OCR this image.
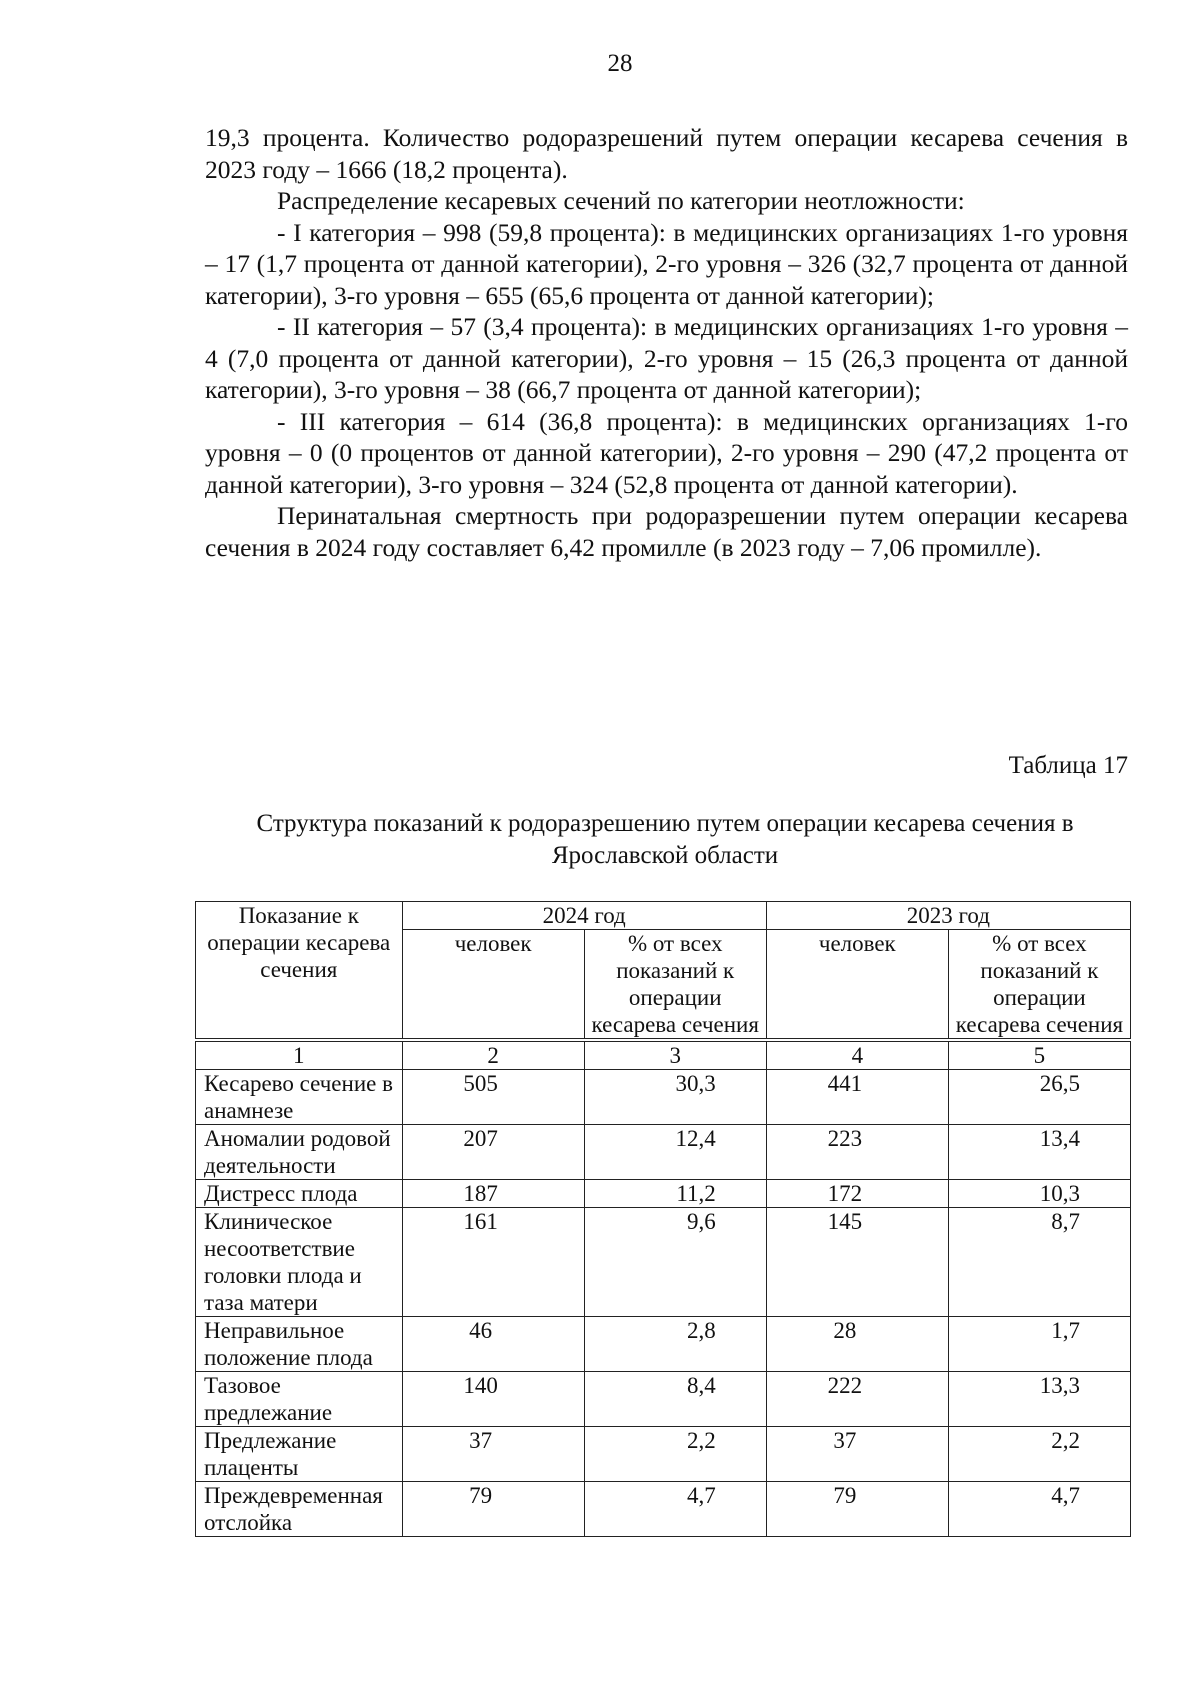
28

19,3 процента. Количество родоразрешений путем операции кесарева сечения в 2023 году – 1666 (18,2 процента).

Распределение кесаревых сечений по категории неотложности:

- I категория – 998 (59,8 процента): в медицинских организациях 1-го уровня – 17 (1,7 процента от данной категории), 2-го уровня – 326 (32,7 процента от данной категории), 3-го уровня – 655 (65,6 процента от данной категории);

- II категория – 57 (3,4 процента): в медицинских организациях 1-го уровня – 4 (7,0 процента от данной категории), 2-го уровня – 15 (26,3 процента от данной категории), 3-го уровня – 38 (66,7 процента от данной категории);

- III категория – 614 (36,8 процента): в медицинских организациях 1-го уровня – 0 (0 процентов от данной категории), 2-го уровня – 290 (47,2 процента от данной категории), 3-го уровня – 324 (52,8 процента от данной категории).

Перинатальная смертность при родоразрешении путем операции кесарева сечения в 2024 году составляет 6,42 промилле (в 2023 году – 7,06 промилле).

Таблица 17
Структура показаний к родоразрешению путем операции кесарева сечения в Ярославской области
Показание к операции кесарева сечения	2024 год		2023 год	
	человек	% от всех показаний к операции кесарева сечения	человек	% от всех показаний к операции кесарева сечения
1	2	3	4	5
Кесарево сечение в анамнезе	505	30,3	441	26,5
Аномалии родовой деятельности	207	12,4	223	13,4
Дистресс плода	187	11,2	172	10,3
Клиническое несоответствие головки плода и таза матери	161	9,6	145	8,7
Неправильное положение плода	46	2,8	28	1,7
Тазовое предлежание	140	8,4	222	13,3
Предлежание плаценты	37	2,2	37	2,2
Преждевременная отслойка	79	4,7	79	4,7
